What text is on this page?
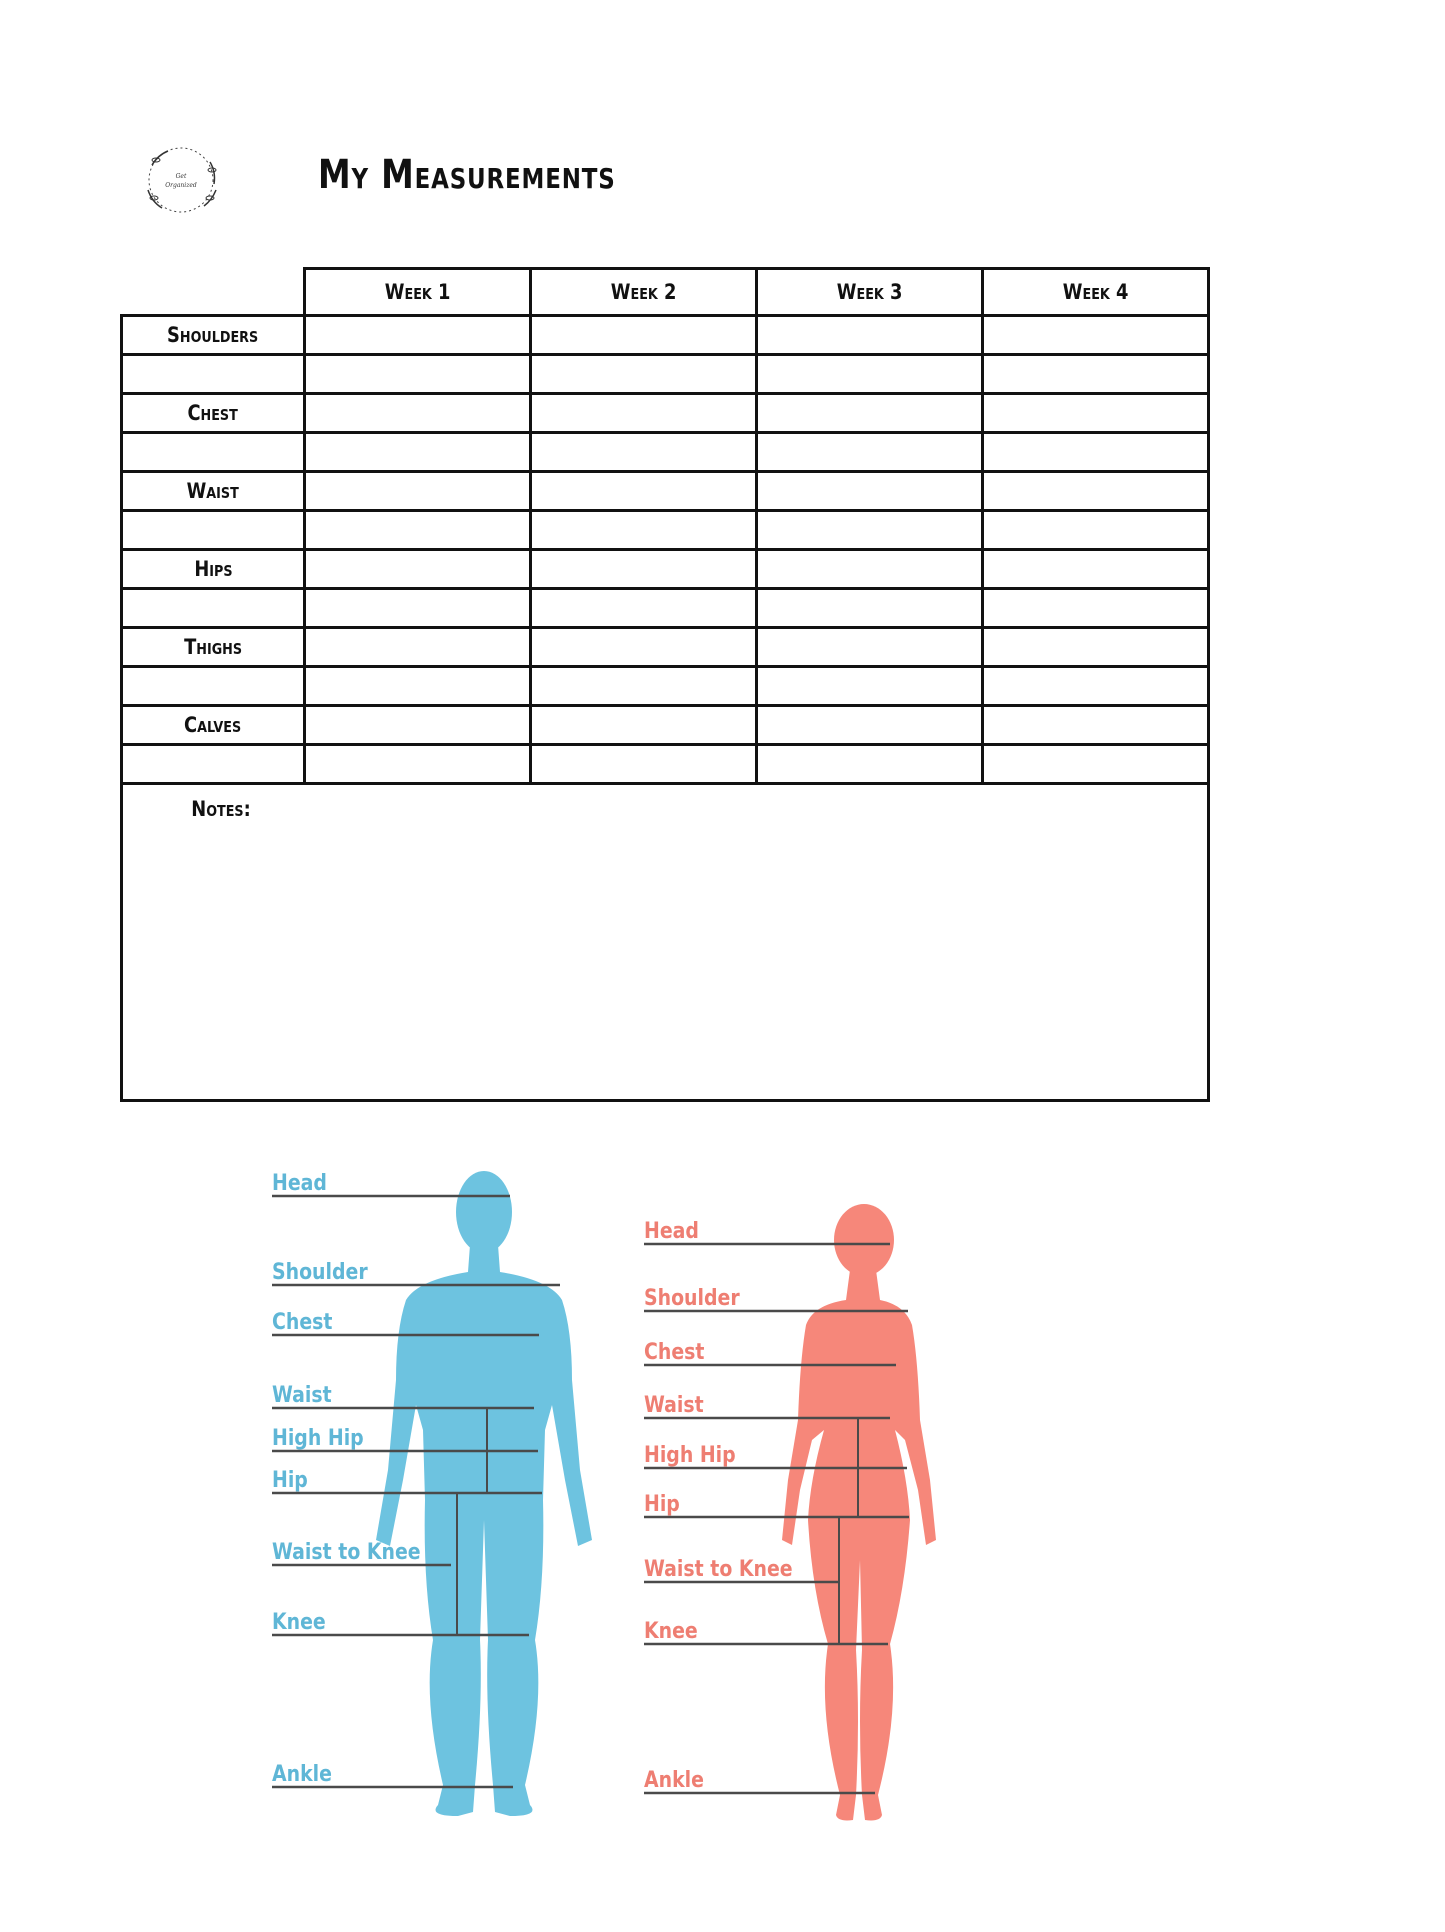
Get
Organized	My Measurements
	Week 1	Week 2	Week 3	Week 4
Shoulders				

Chest				

Waist				

Hips				

Thighs				

Calves				

Notes:				
Head
Shoulder
Chest
Waist
High Hip
Hip
Waist to Knee
Knee
Ankle
Head
Shoulder
Chest
Waist
High Hip
Hip
Waist to Knee
Knee
Ankle
